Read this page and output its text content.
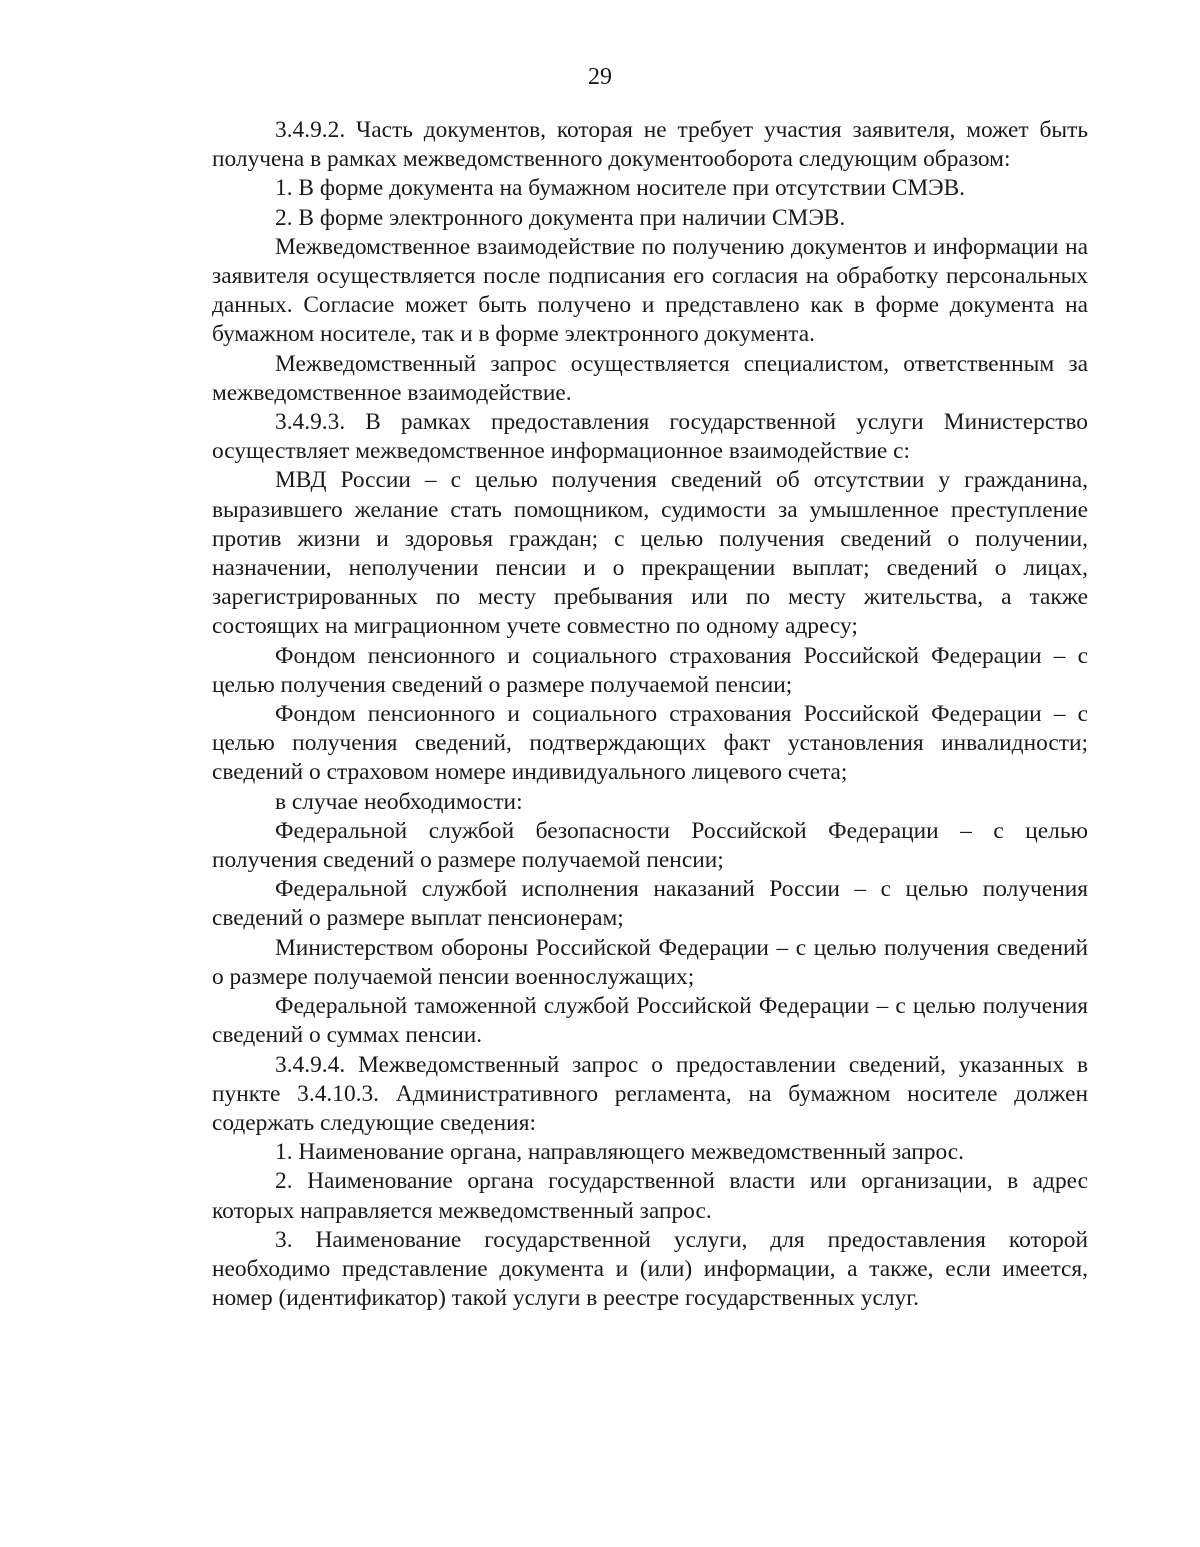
29

3.4.9.2. Часть документов, которая не требует участия заявителя, может быть получена в рамках межведомственного документооборота следующим образом:

1. В форме документа на бумажном носителе при отсутствии СМЭВ.

2. В форме электронного документа при наличии СМЭВ.

Межведомственное взаимодействие по получению документов и информации на заявителя осуществляется после подписания его согласия на обработку персональных данных. Согласие может быть получено и представлено как в форме документа на бумажном носителе, так и в форме электронного документа.

Межведомственный запрос осуществляется специалистом, ответственным за межведомственное взаимодействие.

3.4.9.3. В рамках предоставления государственной услуги Министерство осуществляет межведомственное информационное взаимодействие с:

МВД России – с целью получения сведений об отсутствии у гражданина, выразившего желание стать помощником, судимости за умышленное преступление против жизни и здоровья граждан; с целью получения сведений о получении, назначении, неполучении пенсии и о прекращении выплат; сведений о лицах, зарегистрированных по месту пребывания или по месту жительства, а также состоящих на миграционном учете совместно по одному адресу;

Фондом пенсионного и социального страхования Российской Федерации – с целью получения сведений о размере получаемой пенсии;

Фондом пенсионного и социального страхования Российской Федерации – с целью получения сведений, подтверждающих факт установления инвалидности; сведений о страховом номере индивидуального лицевого счета;

в случае необходимости:

Федеральной службой безопасности Российской Федерации – с целью получения сведений о размере получаемой пенсии;

Федеральной службой исполнения наказаний России – с целью получения сведений о размере выплат пенсионерам;

Министерством обороны Российской Федерации – с целью получения сведений о размере получаемой пенсии военнослужащих;

Федеральной таможенной службой Российской Федерации – с целью получения сведений о суммах пенсии.

3.4.9.4. Межведомственный запрос о предоставлении сведений, указанных в пункте 3.4.10.3. Административного регламента, на бумажном носителе должен содержать следующие сведения:

1. Наименование органа, направляющего межведомственный запрос.

2. Наименование органа государственной власти или организации, в адрес которых направляется межведомственный запрос.

3. Наименование государственной услуги, для предоставления которой необходимо представление документа и (или) информации, а также, если имеется, номер (идентификатор) такой услуги в реестре государственных услуг.
